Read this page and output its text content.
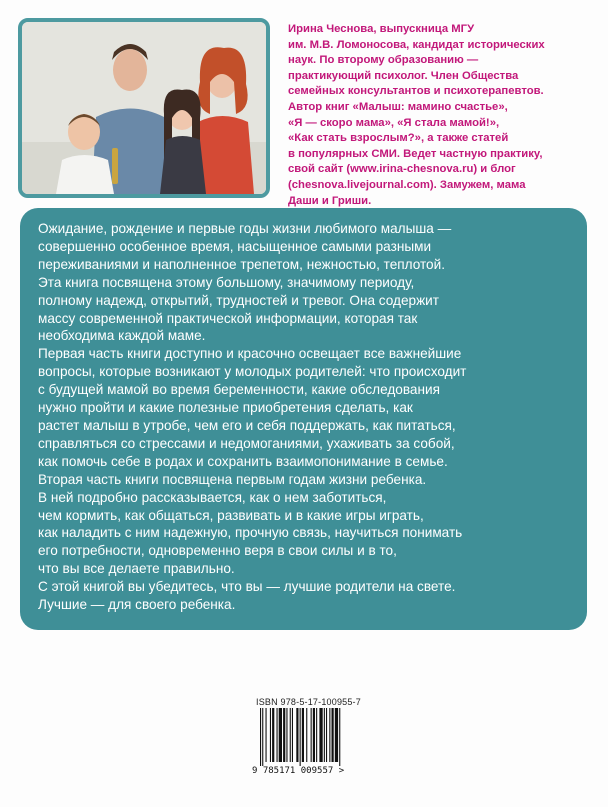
Ирина Чеснова, выпускница МГУ
им. М.В. Ломоносова, кандидат исторических
наук. По второму образованию —
практикующий психолог. Член Общества
семейных консультантов и психотерапевтов.
Автор книг «Малыш: мамино счастье»,
«Я — скоро мама», «Я стала мамой!»,
«Как стать взрослым?», а также статей
в популярных СМИ. Ведет частную практику,
свой сайт (www.irina-chesnova.ru) и блог
(chesnova.livejournal.com). Замужем, мама
Даши и Гриши.
Ожидание, рождение и первые годы жизни любимого малыша —
совершенно особенное время, насыщенное самыми разными
переживаниями и наполненное трепетом, нежностью, теплотой.
Эта книга посвящена этому большому, значимому периоду,
полному надежд, открытий, трудностей и тревог. Она содержит
массу современной практической информации, которая так
необходима каждой маме.
Первая часть книги доступно и красочно освещает все важнейшие
вопросы, которые возникают у молодых родителей: что происходит
с будущей мамой во время беременности, какие обследования
нужно пройти и какие полезные приобретения сделать, как
растет малыш в утробе, чем его и себя поддержать, как питаться,
справляться со стрессами и недомоганиями, ухаживать за собой,
как помочь себе в родах и сохранить взаимопонимание в семье.
Вторая часть книги посвящена первым годам жизни ребенка.
В ней подробно рассказывается, как о нем заботиться,
чем кормить, как общаться, развивать и в какие игры играть,
как наладить с ним надежную, прочную связь, научиться понимать
его потребности, одновременно веря в свои силы и в то,
что вы все делаете правильно.
С этой книгой вы убедитесь, что вы — лучшие родители на свете.
Лучшие — для своего ребенка.
ISBN 978-5-17-100955-7
9 785171 009557 >
